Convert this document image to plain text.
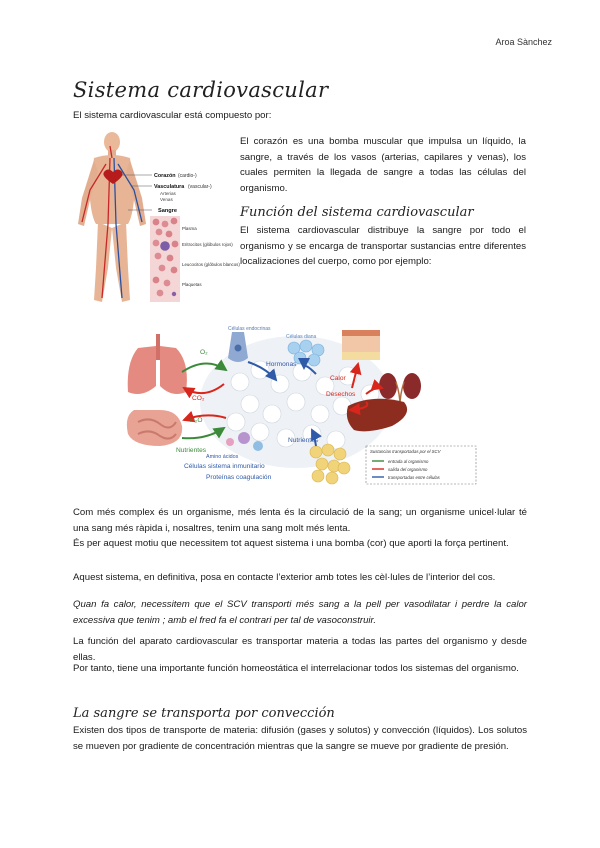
Aroa Sànchez
Sistema cardiovascular
El sistema cardiovascular está compuesto por:
Corazón (cardio-)
Vasculatura (vascular-)
Arterias
Venas
Sangre
Plasma
Eritrocitos (glóbulos rojos)
Leucocitos (glóbulos blancos)
Plaquetas
El corazón es una bomba muscular que impulsa un líquido, la sangre, a través de los vasos (arterias, capilares y venas), los cuales permiten la llegada de sangre a todas las células del organismo.
Función del sistema cardiovascular
El sistema cardiovascular distribuye la sangre por todo el organismo y se encarga de transportar sustancias entre diferentes localizaciones del cuerpo, como por ejemplo:
O₂
CO₂
H₂O
Nutrientes
Células endocrinas
Hormonas
Células diana
Calor
Desechos
Nutrientes
Amino ácidos
Células sistema inmunitario
Proteínas coagulación
Sustancias transportadas por el SCV
entrada al organismo
salida del organismo
transportadas entre células
Com més complex és un organisme, més lenta és la circulació de la sang; un organisme unicel·lular té una sang més ràpida i, nosaltres, tenim una sang molt més lenta.
És per aquest motiu que necessitem tot aquest sistema i una bomba (cor) que aporti la força pertinent.
Aquest sistema, en definitiva, posa en contacte l’exterior amb totes les cèl·lules de l’interior del cos.
Quan fa calor, necessitem que el SCV transporti més sang a la pell per vasodilatar i perdre la calor excessiva que tenim ; amb el fred fa el contrari per tal de vasoconstruir.
La función del aparato cardiovascular es transportar materia a todas las partes del organismo y desde ellas.
Por tanto, tiene una importante función homeostática el interrelacionar todos los sistemas del organismo.
La sangre se transporta por convección
Existen dos tipos de transporte de materia: difusión (gases y solutos) y convección (líquidos). Los solutos se mueven por gradiente de concentración mientras que la sangre se mueve por gradiente de presión.
